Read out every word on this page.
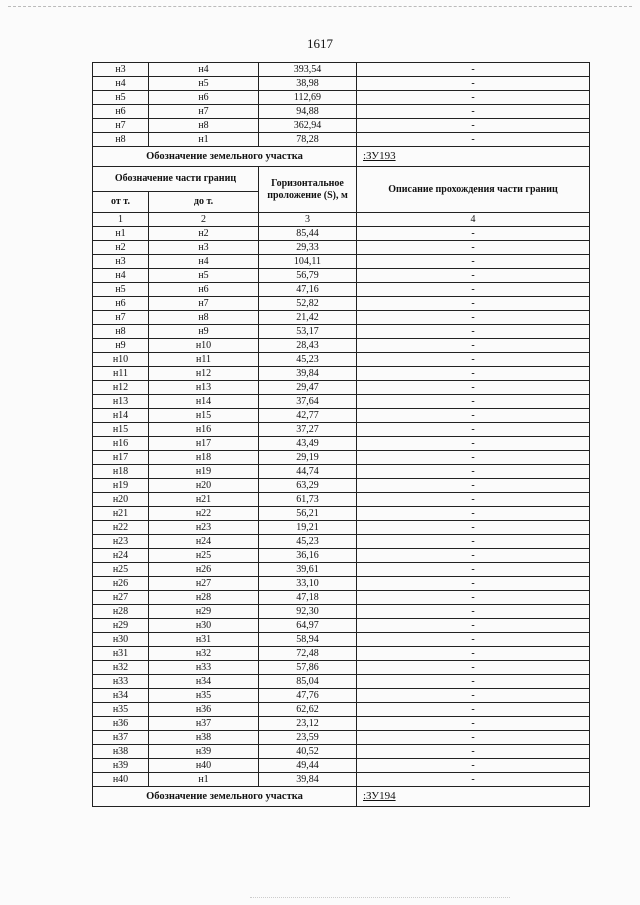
1617
н3	н4	393,54	-
н4	н5	38,98	-
н5	н6	112,69	-
н6	н7	94,88	-
н7	н8	362,94	-
н8	н1	78,28	-
Обозначение земельного участка			:ЗУ193
Обозначение части границ		Горизонтальное проложение (S), м	Описание прохождения части границ
от т.	до т.		
1	2	3	4
н1	н2	85,44	-
н2	н3	29,33	-
н3	н4	104,11	-
н4	н5	56,79	-
н5	н6	47,16	-
н6	н7	52,82	-
н7	н8	21,42	-
н8	н9	53,17	-
н9	н10	28,43	-
н10	н11	45,23	-
н11	н12	39,84	-
н12	н13	29,47	-
н13	н14	37,64	-
н14	н15	42,77	-
н15	н16	37,27	-
н16	н17	43,49	-
н17	н18	29,19	-
н18	н19	44,74	-
н19	н20	63,29	-
н20	н21	61,73	-
н21	н22	56,21	-
н22	н23	19,21	-
н23	н24	45,23	-
н24	н25	36,16	-
н25	н26	39,61	-
н26	н27	33,10	-
н27	н28	47,18	-
н28	н29	92,30	-
н29	н30	64,97	-
н30	н31	58,94	-
н31	н32	72,48	-
н32	н33	57,86	-
н33	н34	85,04	-
н34	н35	47,76	-
н35	н36	62,62	-
н36	н37	23,12	-
н37	н38	23,59	-
н38	н39	40,52	-
н39	н40	49,44	-
н40	н1	39,84	-
Обозначение земельного участка			:ЗУ194
